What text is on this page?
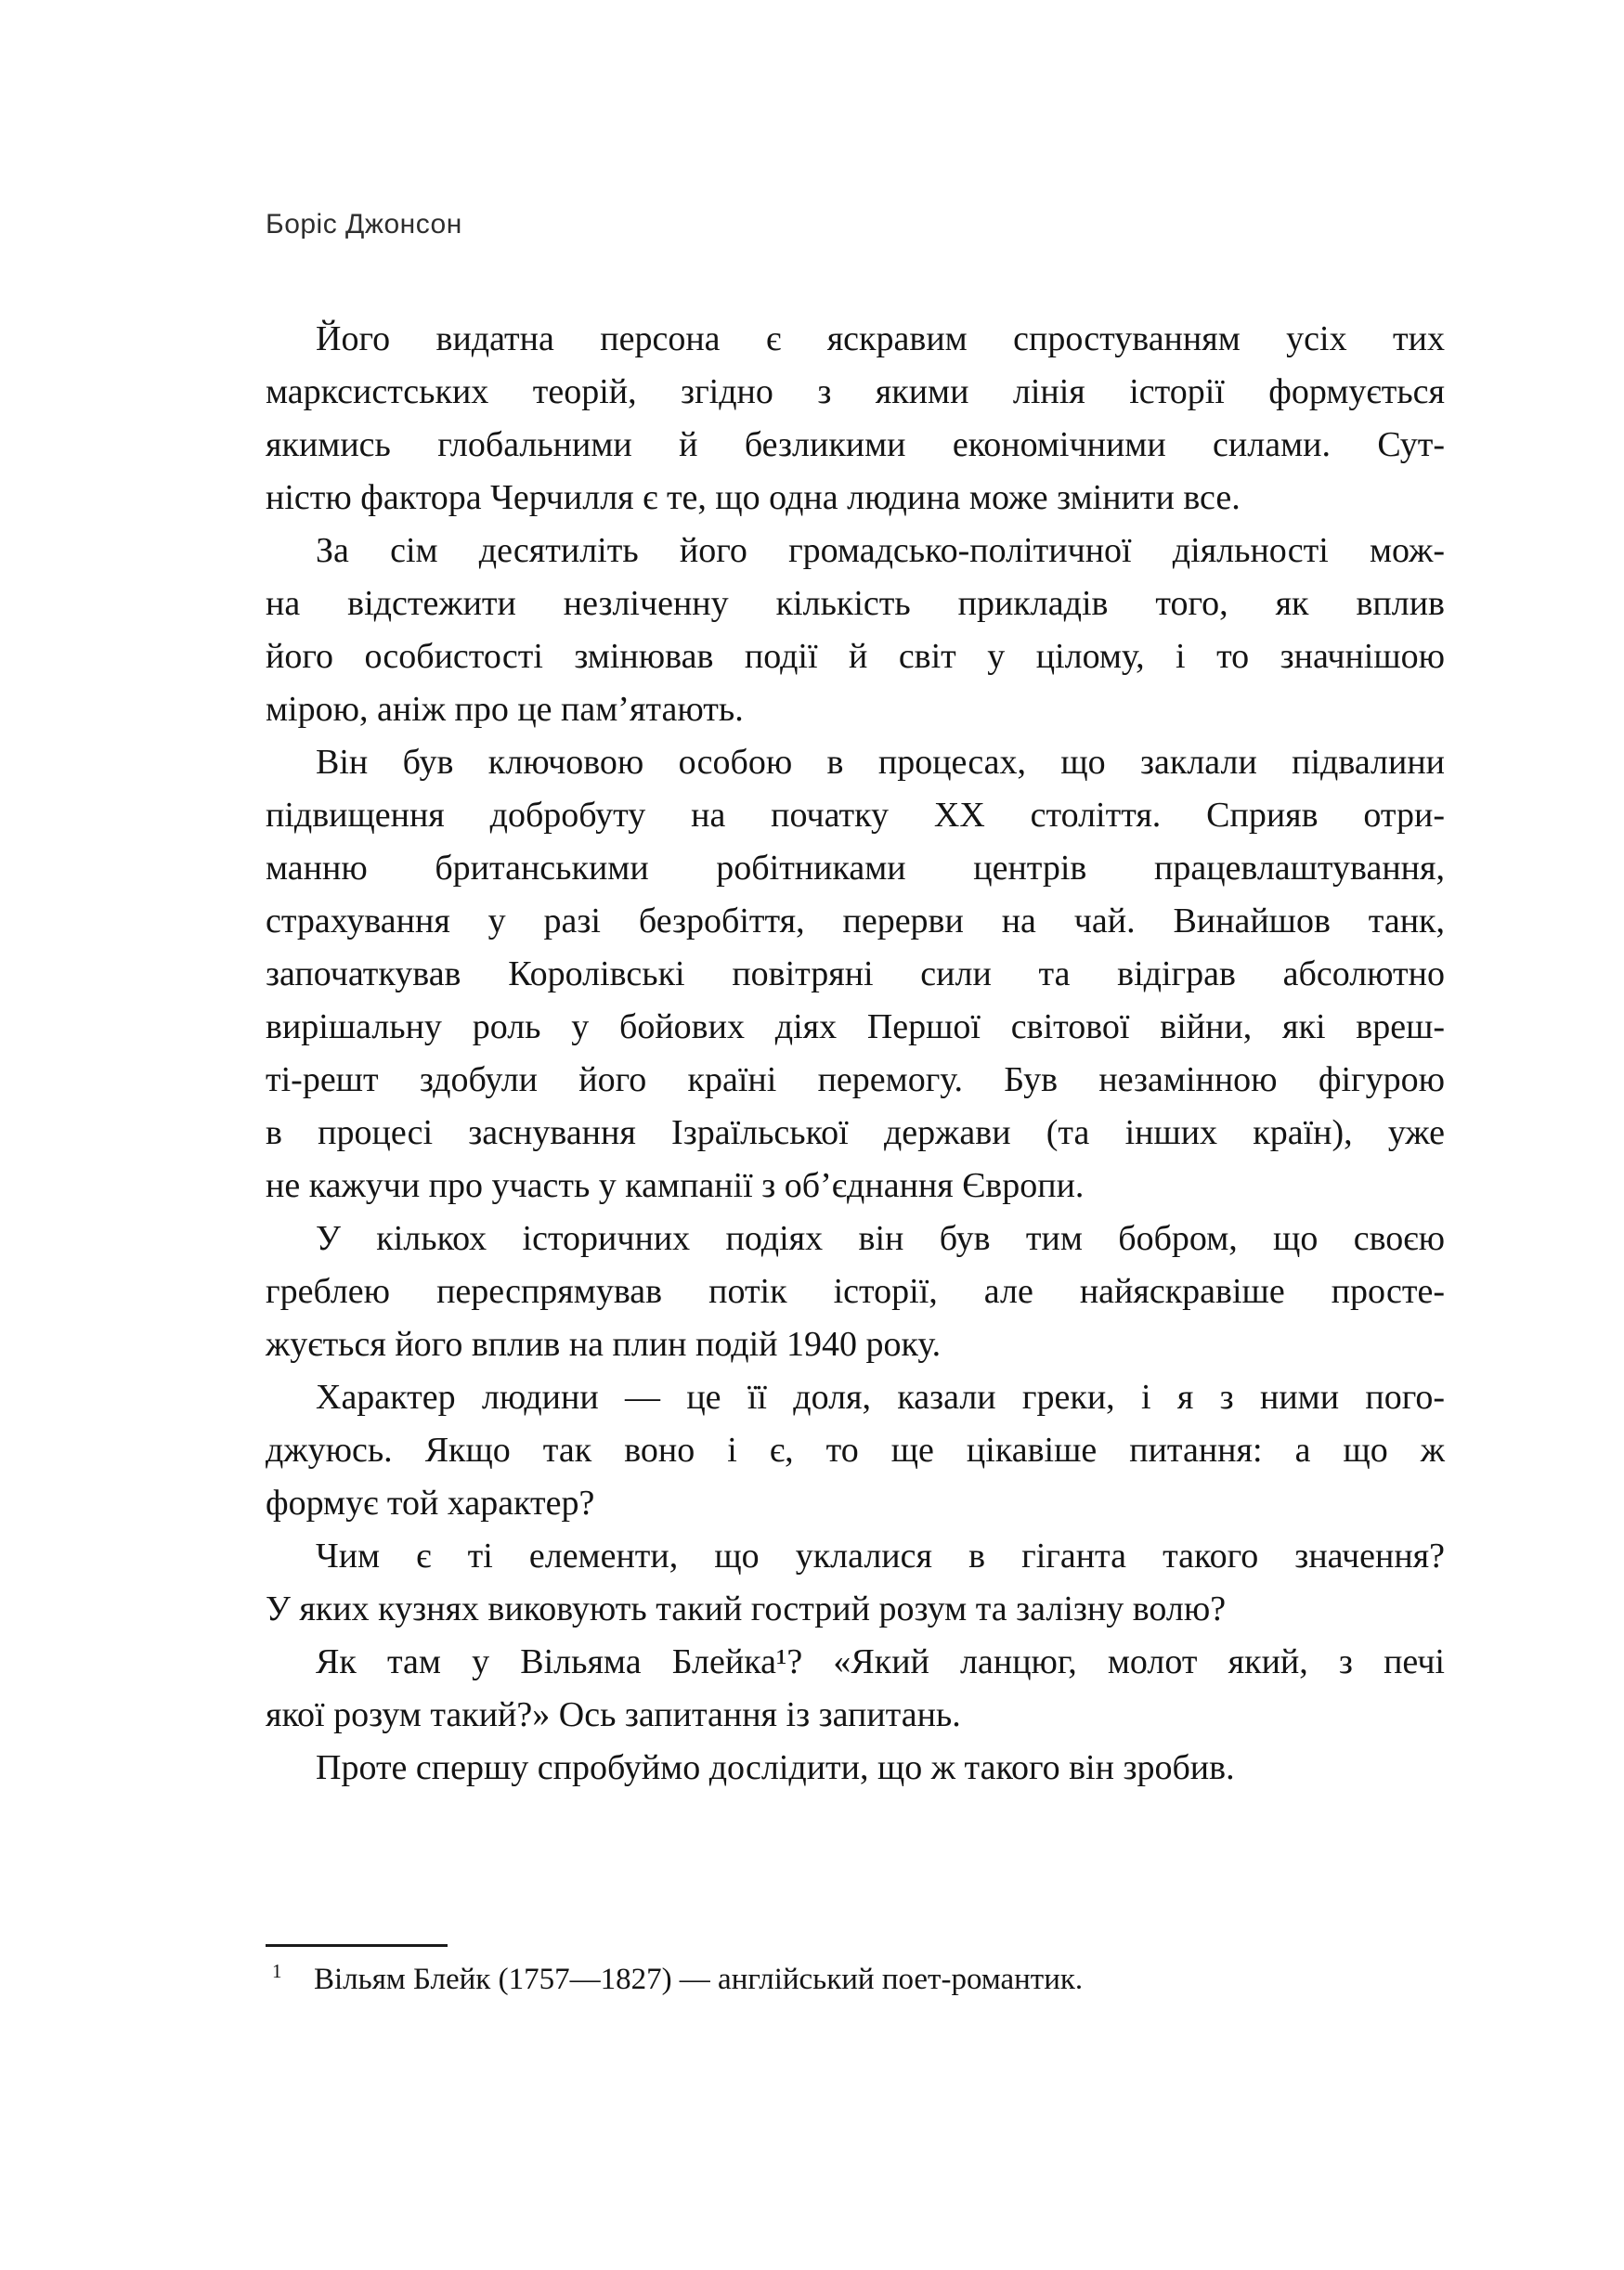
Боріс Джонсон
Його видатна персона є яскравим спростуванням усіх тих
марксистських теорій, згідно з якими лінія історії формується
якимись глобальними й безликими економічними силами. Сут-
ністю фактора Черчилля є те, що одна людина може змінити все.
За сім десятиліть його громадсько-політичної діяльності мож-
на відстежити незліченну кількість прикладів того, як вплив
його особистості змінював події й світ у цілому, і то значнішою
мірою, аніж про це пам’ятають.
Він був ключовою особою в процесах, що заклали підвалини
підвищення добробуту на початку XX століття. Сприяв отри-
манню британськими робітниками центрів працевлаштування,
страхування у разі безробіття, перерви на чай. Винайшов танк,
започаткував Королівські повітряні сили та відіграв абсолютно
вирішальну роль у бойових діях Першої світової війни, які вреш-
ті-решт здобули його країні перемогу. Був незамінною фігурою
в процесі заснування Ізраїльської держави (та інших країн), уже
не кажучи про участь у кампанії з об’єднання Європи.
У кількох історичних подіях він був тим бобром, що своєю
греблею переспрямував потік історії, але найяскравіше просте-
жується його вплив на плин подій 1940 року.
Характер людини — це її доля, казали греки, і я з ними пого-
джуюсь. Якщо так воно і є, то ще цікавіше питання: а що ж
формує той характер?
Чим є ті елементи, що уклалися в гіганта такого значення?
У яких кузнях виковують такий гострий розум та залізну волю?
Як там у Вільяма Блейка¹? «Який ланцюг, молот який, з печі
якої розум такий?» Ось запитання із запитань.
Проте спершу спробуймо дослідити, що ж такого він зробив.
1 Вільям Блейк (1757—1827) — англійський поет-романтик.
